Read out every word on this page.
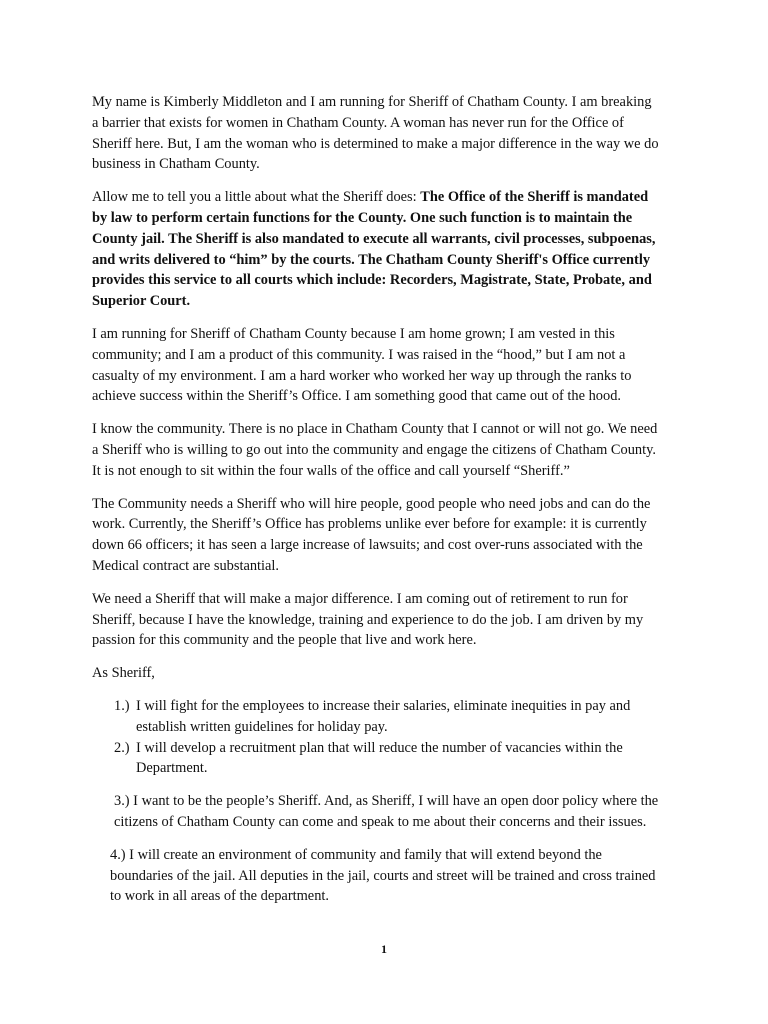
My name is Kimberly Middleton and I am running for Sheriff of Chatham County. I am breaking a barrier that exists for women in Chatham County. A woman has never run for the Office of Sheriff here. But, I am the woman who is determined to make a major difference in the way we do business in Chatham County.

Allow me to tell you a little about what the Sheriff does: The Office of the Sheriff is mandated by law to perform certain functions for the County. One such function is to maintain the County jail. The Sheriff is also mandated to execute all warrants, civil processes, subpoenas, and writs delivered to “him” by the courts. The Chatham County Sheriff's Office currently provides this service to all courts which include: Recorders, Magistrate, State, Probate, and Superior Court.

I am running for Sheriff of Chatham County because I am home grown; I am vested in this community; and I am a product of this community. I was raised in the “hood,” but I am not a casualty of my environment. I am a hard worker who worked her way up through the ranks to achieve success within the Sheriff’s Office. I am something good that came out of the hood.

I know the community. There is no place in Chatham County that I cannot or will not go. We need a Sheriff who is willing to go out into the community and engage the citizens of Chatham County. It is not enough to sit within the four walls of the office and call yourself “Sheriff.”

The Community needs a Sheriff who will hire people, good people who need jobs and can do the work. Currently, the Sheriff’s Office has problems unlike ever before for example: it is currently down 66 officers; it has seen a large increase of lawsuits; and cost over-runs associated with the Medical contract are substantial.

We need a Sheriff that will make a major difference. I am coming out of retirement to run for Sheriff, because I have the knowledge, training and experience to do the job. I am driven by my passion for this community and the people that live and work here.

As Sheriff,

1.) I will fight for the employees to increase their salaries, eliminate inequities in pay and establish written guidelines for holiday pay.
2.) I will develop a recruitment plan that will reduce the number of vacancies within the Department.

3.) I want to be the people’s Sheriff. And, as Sheriff, I will have an open door policy where the citizens of Chatham County can come and speak to me about their concerns and their issues.

4.) I will create an environment of community and family that will extend beyond the boundaries of the jail. All deputies in the jail, courts and street will be trained and cross trained to work in all areas of the department.

1
